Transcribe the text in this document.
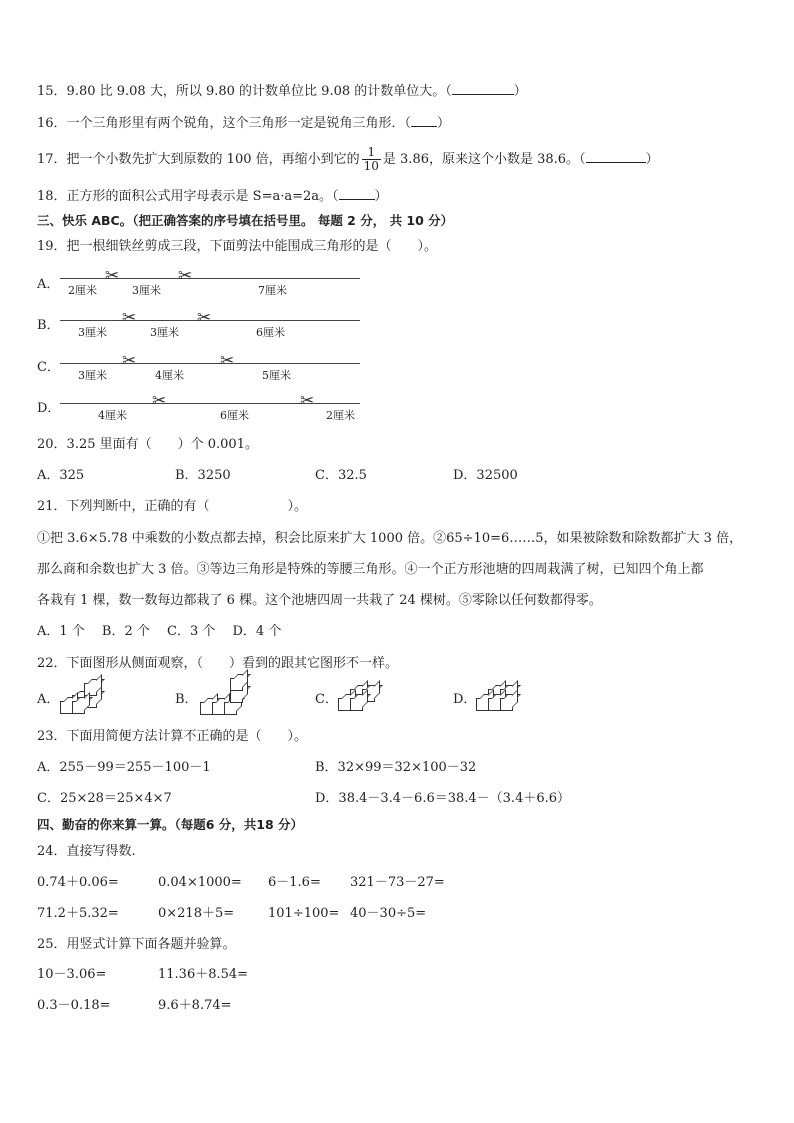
15．9.80 比 9.08 大，所以 9.80 的计数单位比 9.08 的计数单位大。（	）
16．一个三角形里有两个锐角，这个三角形一定是锐角三角形．（ ）
17．把一个小数先扩大到原数的 100 倍，再缩小到它的 $\frac{1}{10}$ 是 3.86，原来这个小数是 38.6。（	）
18．正方形的面积公式用字母表示是 S=a·a=2a。（	）
三、快乐 ABC。（把正确答案的序号填在括号里。 每题 2 分， 共 10 分）
19．把一根细铁丝剪成三段，下面剪法中能围成三角形的是（　　）。
A． 2厘米
✂
3厘米
✂
7厘米
B． 3厘米
✂
3厘米
✂
6厘米
C．
3厘米
✂
4厘米
✂
5厘米
D．	4厘米
✂
6厘米
✂
2厘米
20．3.25 里面有（　　）个 0.001。
A．325	B．3250	C．32.5	D．32500
21．下列判断中，正确的有（　　　　　　）。
①把 3.6×5.78 中乘数的小数点都去掉，积会比原来扩大 1000 倍。②65÷10=6……5，如果被除数和除数都扩大 3 倍，
那么商和余数也扩大 3 倍。③等边三角形是特殊的等腰三角形。④一个正方形池塘的四周栽满了树，已知四个角上都
各栽有 1 棵，数一数每边都栽了 6 棵。这个池塘四周一共栽了 24 棵树。⑤零除以任何数都得零。
A．1 个　 B．2 个　 C．3 个　 D．4 个
22．下面图形从侧面观察，（　　）看到的跟其它图形不一样。
A．	B．	C．	D．
23．下面用简便方法计算不正确的是（　　）。
A．255－99＝255－100－1	B．32×99＝32×100－32
C．25×28＝25×4×7	D．38.4－3.4－6.6＝38.4－（3.4＋6.6）
四、勤奋的你来算一算。（每题6 分，共18 分）
24．直接写得数.
0.74＋0.06=	0.04×1000= 6－1.6= 321－73－27=
71.2＋5.32=	0×218＋5=	101÷100= 40－30÷5=
25．用竖式计算下面各题并验算。
10－3.06=	11.36＋8.54=
0.3－0.18=	9.6＋8.74=
